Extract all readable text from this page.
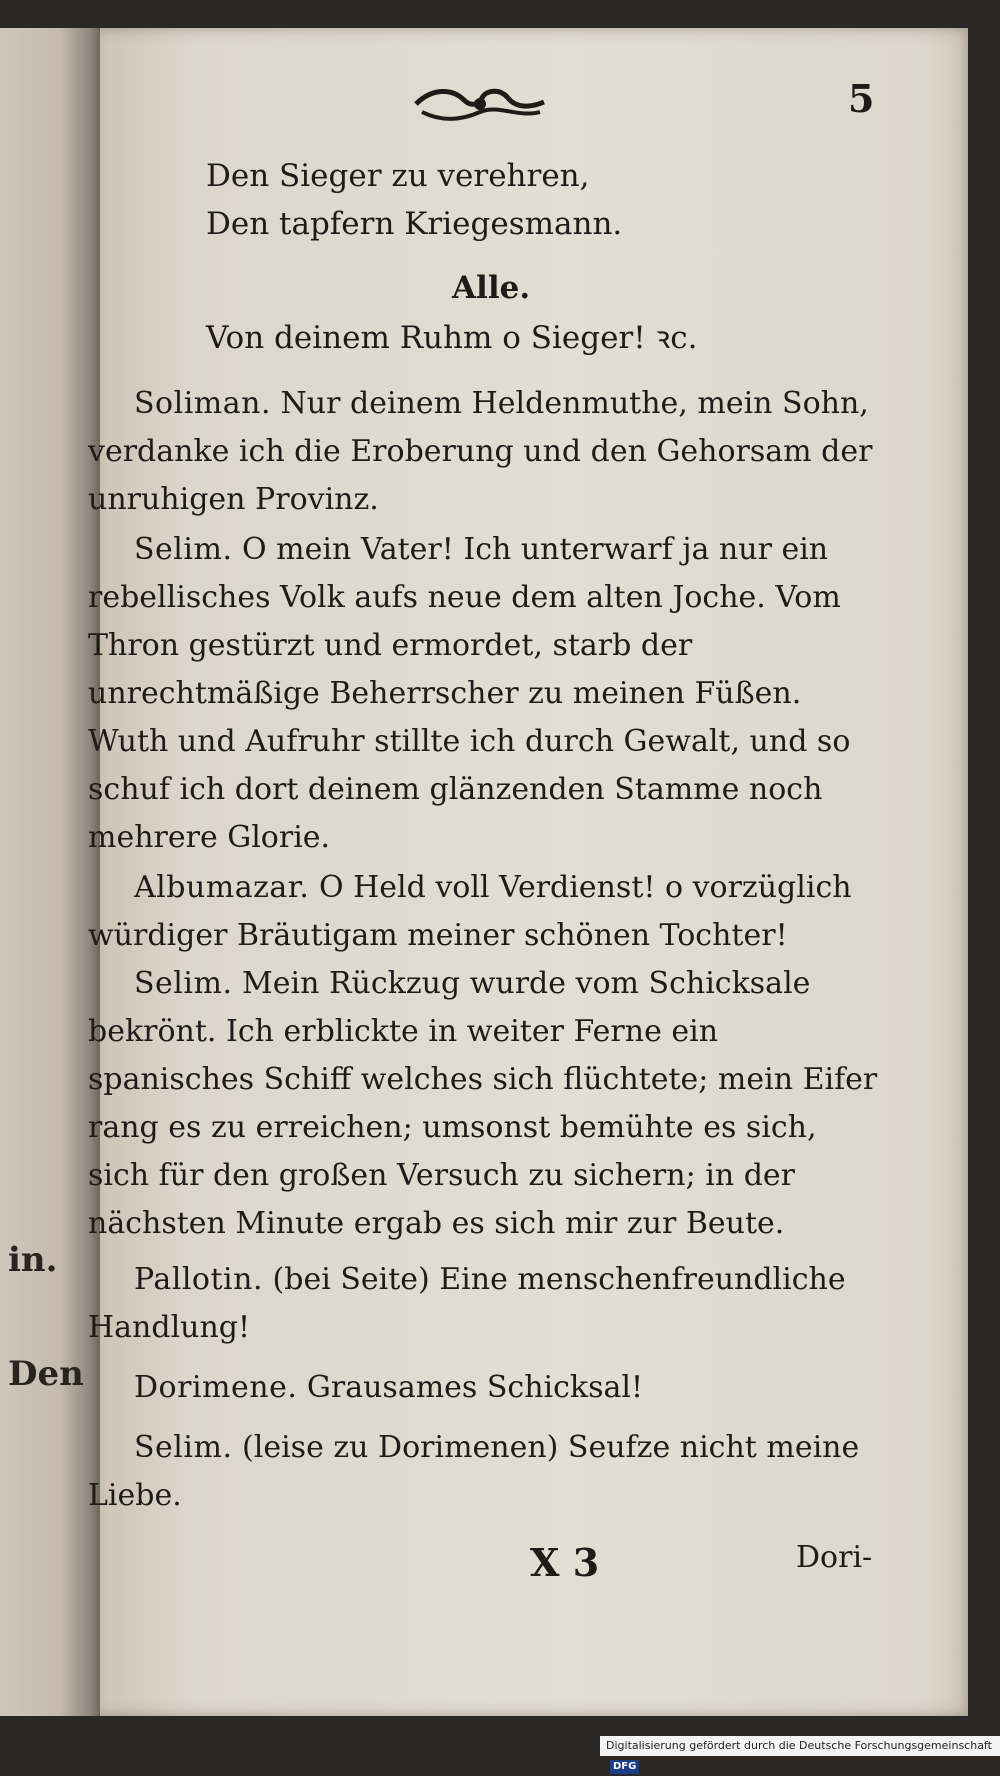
in.
Den
5
Den Sieger zu verehren,
Den tapfern Kriegesmann.
Alle.
Von deinem Ruhm o Sieger! ꝛc.

Soliman. Nur deinem Heldenmuthe, mein Sohn, verdanke ich die Eroberung und den Gehorsam der unruhigen Provinz.

Selim. O mein Vater! Ich unterwarf ja nur ein rebellisches Volk aufs neue dem alten Joche. Vom Thron gestürzt und ermordet, starb der unrechtmäßige Beherrscher zu meinen Füßen. Wuth und Aufruhr stillte ich durch Gewalt, und so schuf ich dort deinem glänzenden Stamme noch mehrere Glorie.

Albumazar. O Held voll Verdienst! o vorzüglich würdiger Bräutigam meiner schönen Tochter!

Selim. Mein Rückzug wurde vom Schicksale bekrönt. Ich erblickte in weiter Ferne ein spanisches Schiff welches sich flüchtete; mein Eifer rang es zu erreichen; umsonst bemühte es sich, sich für den großen Versuch zu sichern; in der nächsten Minute ergab es sich mir zur Beute.

Pallotin. (bei Seite) Eine menschenfreundliche Handlung!

Dorimene. Grausames Schicksal!

Selim. (leise zu Dorimenen) Seufze nicht meine Liebe.

X 3	Dori-
Digitalisierung gefördert durch die Deutsche Forschungsgemeinschaft DFG
